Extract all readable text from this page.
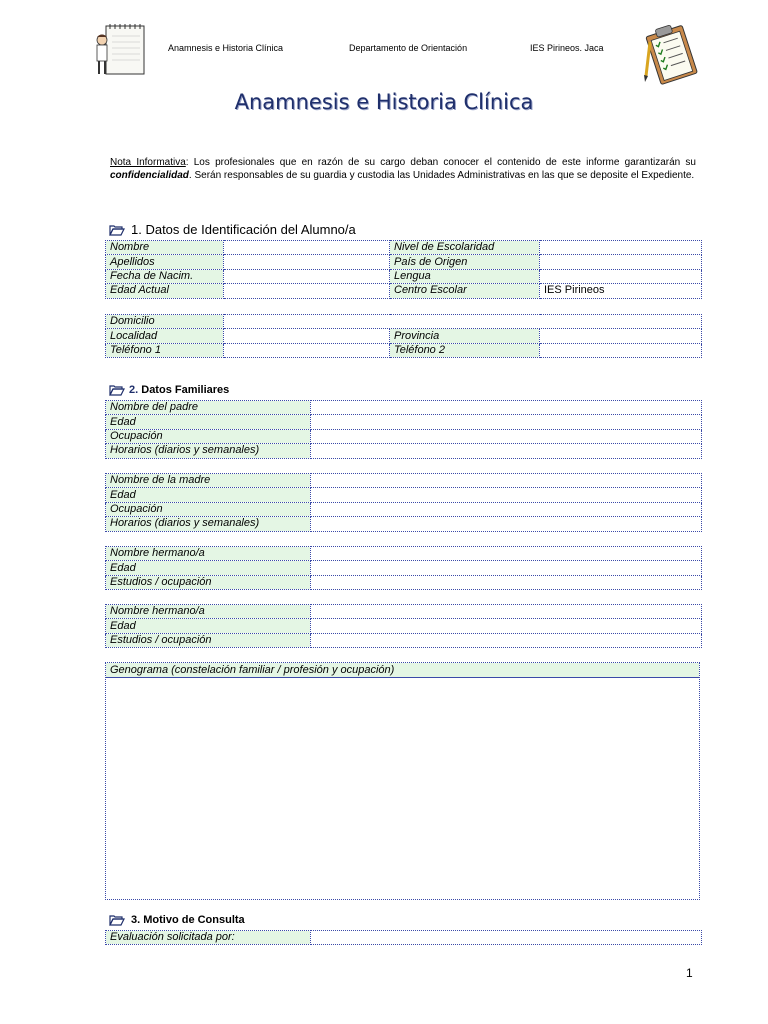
Anamnesis e Historia Clínica	Departamento de Orientación	IES Pirineos. Jaca
Anamnesis e Historia Clínica
Nota Informativa: Los profesionales que en razón de su cargo deban conocer el contenido de este informe garantizarán su confidencialidad. Serán responsables de su guardia y custodia las Unidades Administrativas en las que se deposite el Expediente.
1. Datos de Identificación del Alumno/a
Nombre		Nivel de Escolaridad	
Apellidos		País de Origen	
Fecha de Nacim.		Lengua	
Edad Actual		Centro Escolar	IES Pirineos
Domicilio			
Localidad		Provincia	
Teléfono 1		Teléfono 2	
2. Datos Familiares
Nombre del padre	
Edad	
Ocupación	
Horarios (diarios y semanales)	
Nombre de la madre	
Edad	
Ocupación	
Horarios (diarios y semanales)	
Nombre hermano/a	
Edad	
Estudios / ocupación	
Nombre hermano/a	
Edad	
Estudios / ocupación	
Genograma (constelación familiar / profesión y ocupación)
3. Motivo de Consulta
Evaluación solicitada por:	
1
